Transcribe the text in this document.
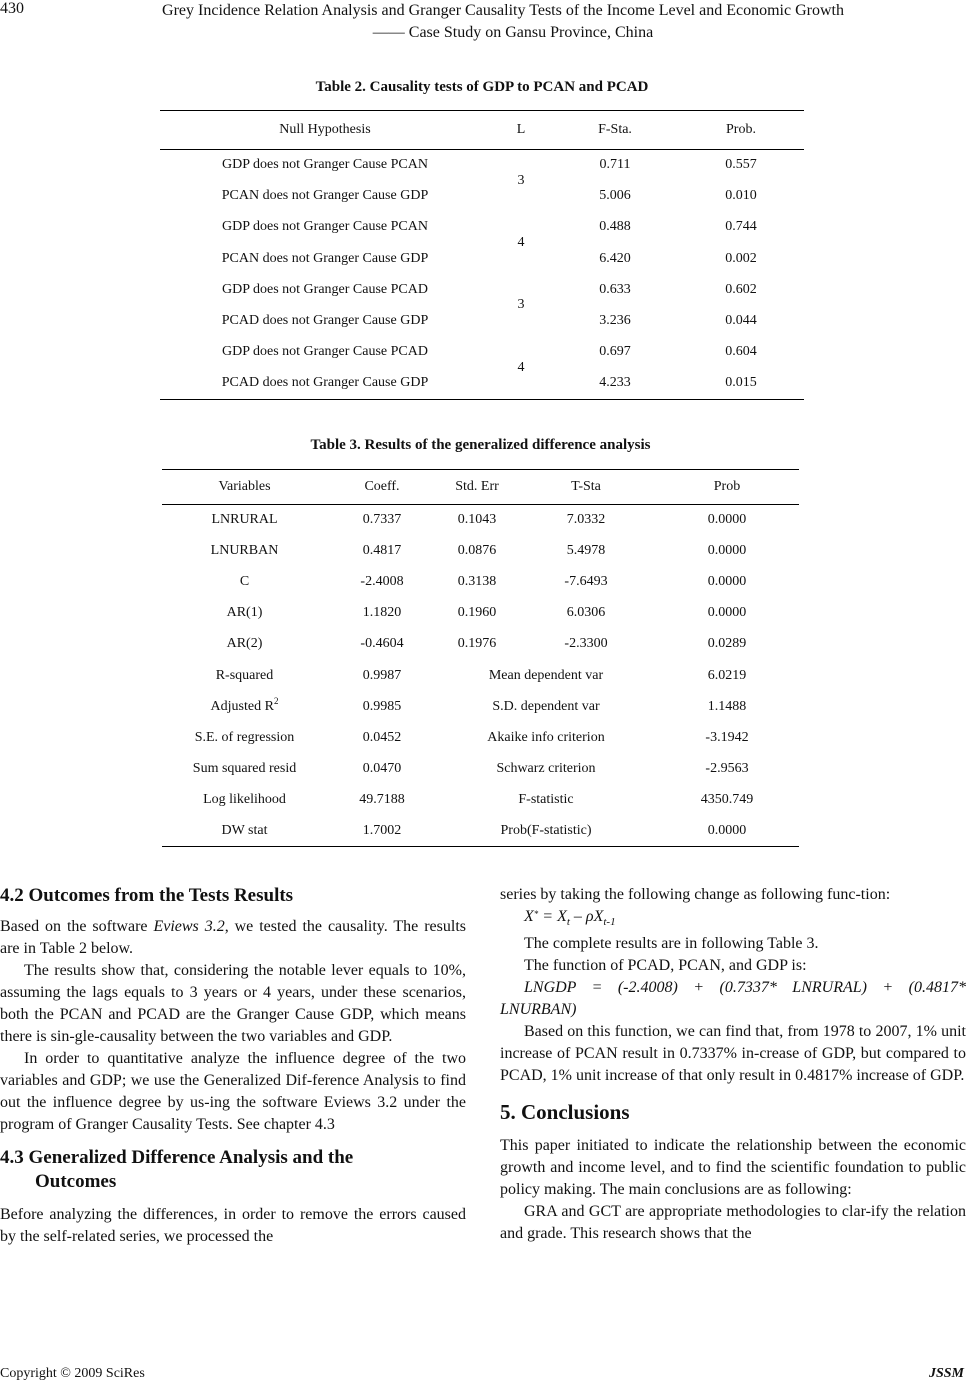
430	Grey Incidence Relation Analysis and Granger Causality Tests of the Income Level and Economic Growth
—— Case Study on Gansu Province, China
Table 2. Causality tests of GDP to PCAN and PCAD
Null Hypothesis	L	F-Sta.	Prob.
GDP does not Granger Cause PCAN	3	0.711	0.557
PCAN does not Granger Cause GDP		5.006	0.010
GDP does not Granger Cause PCAN	4	0.488	0.744
PCAN does not Granger Cause GDP		6.420	0.002
GDP does not Granger Cause PCAD	3	0.633	0.602
PCAD does not Granger Cause GDP		3.236	0.044
GDP does not Granger Cause PCAD	4	0.697	0.604
PCAD does not Granger Cause GDP		4.233	0.015
Table 3. Results of the generalized difference analysis
Variables	Coeff.	Std. Err	T-Sta	Prob
LNRURAL	0.7337	0.1043	7.0332	0.0000
LNURBAN	0.4817	0.0876	5.4978	0.0000
C	-2.4008	0.3138	-7.6493	0.0000
AR(1)	1.1820	0.1960	6.0306	0.0000
AR(2)	-0.4604	0.1976	-2.3300	0.0289
R-squared	0.9987	Mean dependent var		6.0219
Adjusted $R^2$	0.9985	S.D. dependent var		1.1488
S.E. of regression	0.0452	Akaike info criterion		-3.1942
Sum squared resid	0.0470	Schwarz criterion		-2.9563
Log likelihood	49.7188	F-statistic		4350.749
DW stat	1.7002	Prob(F-statistic)		0.0000
4.2 Outcomes from the Tests Results

Based on the software Eviews 3.2, we tested the causality. The results are in Table 2 below.

The results show that, considering the notable lever equals to 10%, assuming the lags equals to 3 years or 4 years, under these scenarios, both the PCAN and PCAD are the Granger Cause GDP, which means there is sin-gle-causality between the two variables and GDP.

In order to quantitative analyze the influence degree of the two variables and GDP; we use the Generalized Dif-ference Analysis to find out the influence degree by us-ing the software Eviews 3.2 under the program of Granger Causality Tests. See chapter 4.3

4.3 Generalized Difference Analysis and the
Outcomes

Before analyzing the differences, in order to remove the errors caused by the self-related series, we processed the

series by taking the following change as following func-tion:

$X^* = X_t - \rho X_{t-1}$

The complete results are in following Table 3.

The function of PCAD, PCAN, and GDP is:

LNGDP = (-2.4008) + (0.7337* LNRURAL) + (0.4817* LNURBAN)

Based on this function, we can find that, from 1978 to 2007, 1% unit increase of PCAN result in 0.7337% in-crease of GDP, but compared to PCAD, 1% unit increase of that only result in 0.4817% increase of GDP.

5. Conclusions

This paper initiated to indicate the relationship between the economic growth and income level, and to find the scientific foundation to public policy making. The main conclusions are as following:

GRA and GCT are appropriate methodologies to clar-ify the relation and grade. This research shows that the

Copyright © 2009 SciRes	JSSM
